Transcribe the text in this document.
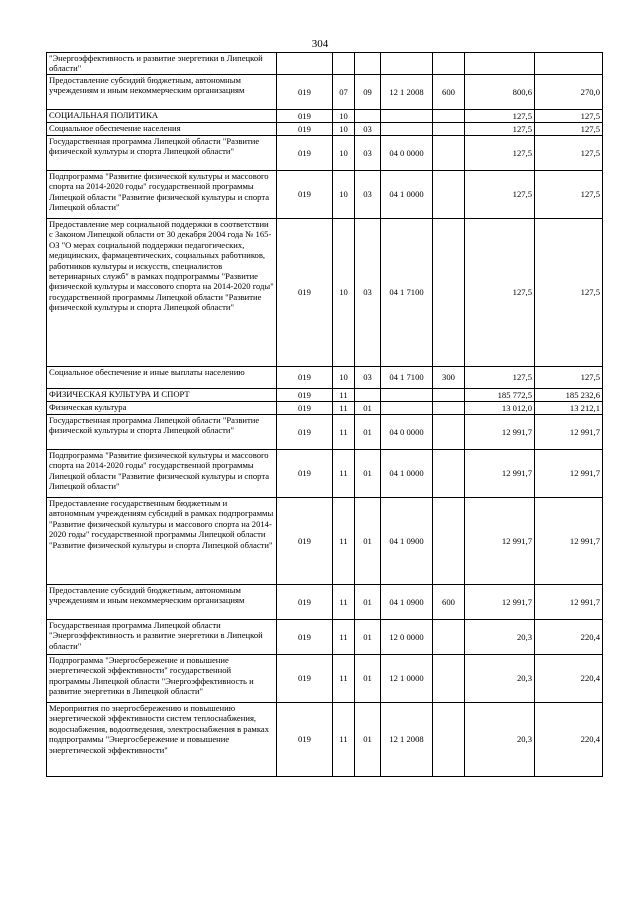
304
"Энергоэффективность и развитие энергетики в Липецкой области"							
Предоставление субсидий бюджетным, автономным учреждениям и иным некоммерческим организациям	019	07	09	12 1 2008	600	800,6	270,0
СОЦИАЛЬНАЯ ПОЛИТИКА	019	10				127,5	127,5
Социальное обеспечение населения	019	10	03			127,5	127,5
Государственная программа Липецкой области "Развитие физической культуры и спорта Липецкой области"	019	10	03	04 0 0000		127,5	127,5
Подпрограмма "Развитие физической культуры и массового спорта на 2014-2020 годы" государственной программы Липецкой области "Развитие физической культуры и спорта Липецкой области"	019	10	03	04 1 0000		127,5	127,5
Предоставление мер социальной поддержки в соответствии с Законом Липецкой области от 30 декабря 2004 года № 165-ОЗ "О мерах социальной поддержки педагогических, медицинских, фармацевтических, социальных работников, работников культуры и искусств, специалистов ветеринарных служб" в рамках подпрограммы "Развитие физической культуры и массового спорта на 2014-2020 годы" государственной программы Липецкой области "Развитие физической культуры и спорта Липецкой области"	019	10	03	04 1 7100		127,5	127,5
Социальное обеспечение и иные выплаты населению	019	10	03	04 1 7100	300	127,5	127,5
ФИЗИЧЕСКАЯ КУЛЬТУРА И СПОРТ	019	11				185 772,5	185 232,6
Физическая культура	019	11	01			13 012,0	13 212,1
Государственная программа Липецкой области "Развитие физической культуры и спорта Липецкой области"	019	11	01	04 0 0000		12 991,7	12 991,7
Подпрограмма "Развитие физической культуры и массового спорта на 2014-2020 годы" государственной программы Липецкой области "Развитие физической культуры и спорта Липецкой области"	019	11	01	04 1 0000		12 991,7	12 991,7
Предоставление государственным бюджетным и автономным учреждениям субсидий в рамках подпрограммы "Развитие физической культуры и массового спорта на 2014-2020 годы" государственной программы Липецкой области "Развитие физической культуры и спорта Липецкой области"	019	11	01	04 1 0900		12 991,7	12 991,7
Предоставление субсидий бюджетным, автономным учреждениям и иным некоммерческим организациям	019	11	01	04 1 0900	600	12 991,7	12 991,7
Государственная программа Липецкой области "Энергоэффективность и развитие энергетики в Липецкой области"	019	11	01	12 0 0000		20,3	220,4
Подпрограмма "Энергосбережение и повышение энергетической эффективности" государственной программы Липецкой области "Энергоэффективность и развитие энергетики в Липецкой области"	019	11	01	12 1 0000		20,3	220,4
Мероприятия по энергосбережению и повышению энергетической эффективности систем теплоснабжения, водоснабжения, водоотведения, электроснабжения в рамках подпрограммы "Энергосбережение и повышение энергетической эффективности"	019	11	01	12 1 2008		20,3	220,4
